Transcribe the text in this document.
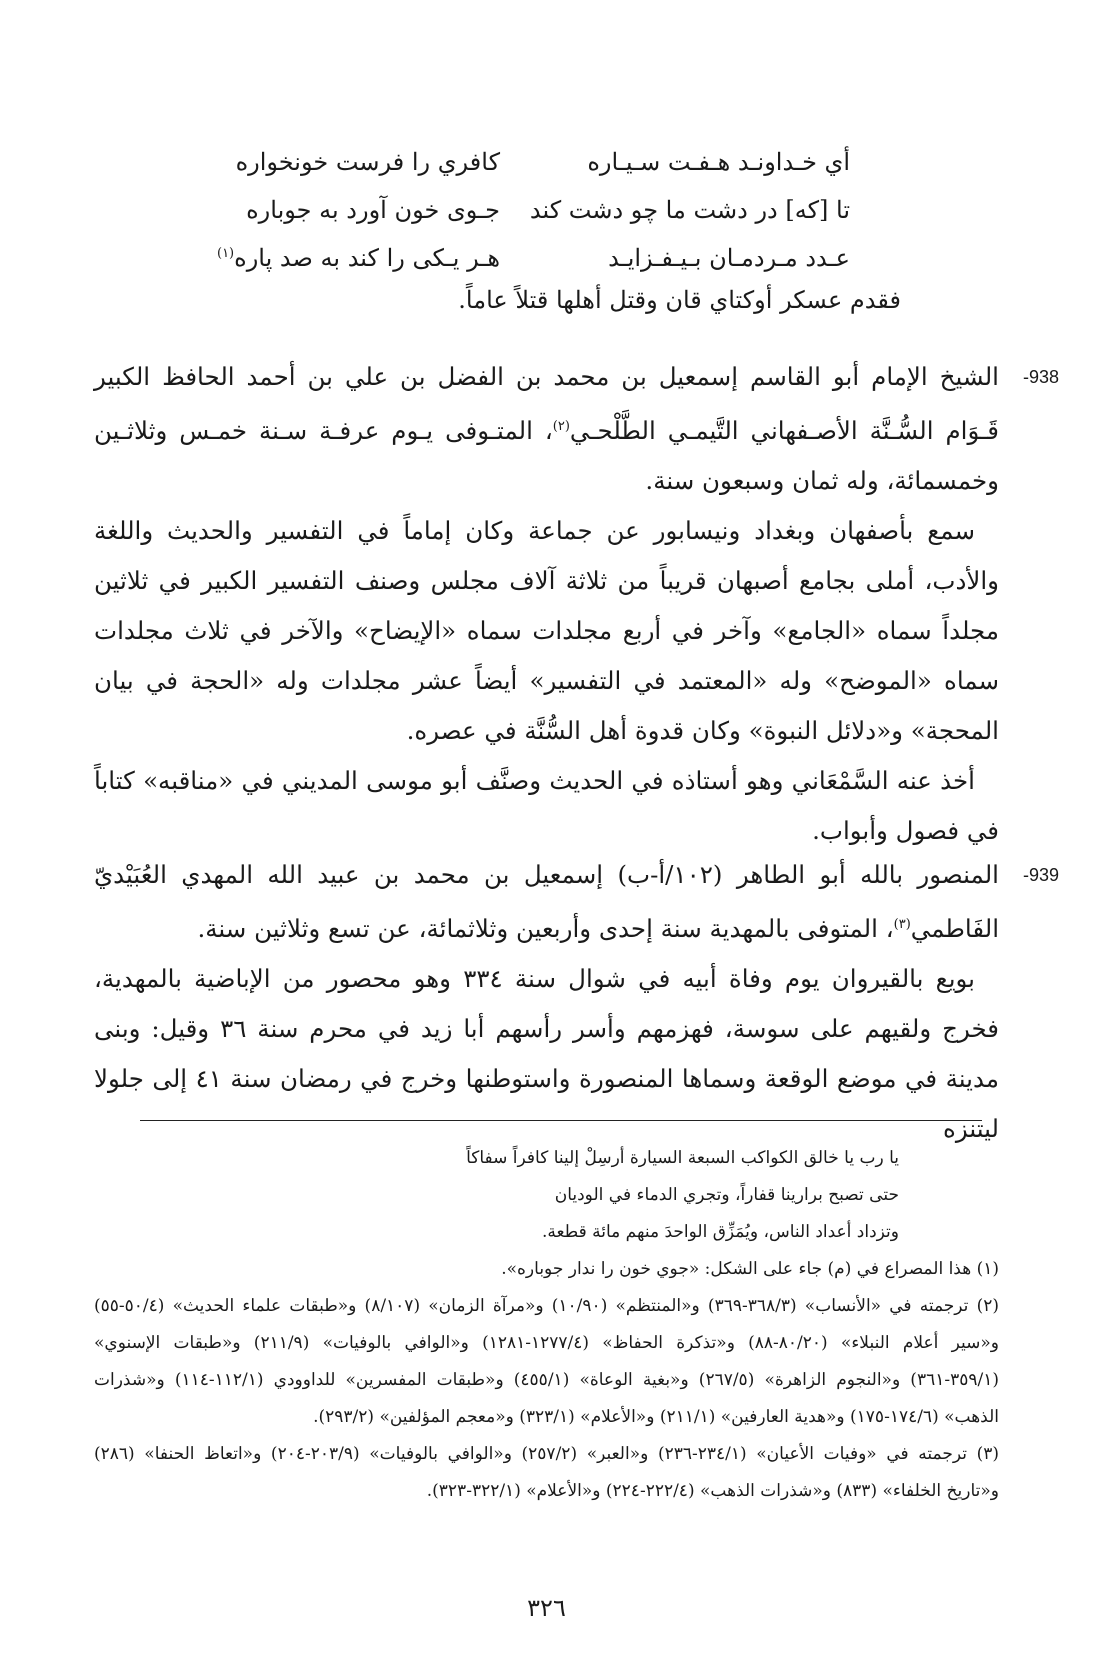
أي خـداونـد هـفـت سـيـاره
كافري را فرست خونخواره
تا [كه] در دشت ما چو دشت كند
جـوى خون آورد به جوباره
عـدد مـردمـان بـيـفـزايـد
هـر يـكى را كند به صد پاره$^{(١)}$
فقدم عسكر أوكتاي قان وقتل أهلها قتلاً عاماً.

938-
الشيخ الإمام أبو القاسم إسمعيل بن محمد بن الفضل بن علي بن أحمد الحافظ الكبير قَـوَام السُّـنَّة الأصـفهاني التَّيمـي الطَّلْحـي$^{(٢)}$، المتـوفى يـوم عرفـة سـنة خمـس وثلاثـين وخمسمائة، وله ثمان وسبعون سنة.

سمع بأصفهان وبغداد ونيسابور عن جماعة وكان إماماً في التفسير والحديث واللغة والأدب، أملى بجامع أصبهان قريباً من ثلاثة آلاف مجلس وصنف التفسير الكبير في ثلاثين مجلداً سماه «الجامع» وآخر في أربع مجلدات سماه «الإيضاح» والآخر في ثلاث مجلدات سماه «الموضح» وله «المعتمد في التفسير» أيضاً عشر مجلدات وله «الحجة في بيان المحجة» و«دلائل النبوة» وكان قدوة أهل السُّنَّة في عصره.

أخذ عنه السَّمْعَاني وهو أستاذه في الحديث وصنَّف أبو موسى المديني في «مناقبه» كتاباً في فصول وأبواب.

939-
المنصور بالله أبو الطاهر (١٠٢/أ-ب) إسمعيل بن محمد بن عبيد الله المهدي العُبَيْديّ الفَاطمي$^{(٣)}$، المتوفى بالمهدية سنة إحدى وأربعين وثلاثمائة، عن تسع وثلاثين سنة.

بويع بالقيروان يوم وفاة أبيه في شوال سنة ٣٣٤ وهو محصور من الإباضية بالمهدية، فخرج ولقيهم على سوسة، فهزمهم وأسر رأسهم أبا زيد في محرم سنة ٣٦ وقيل: وبنى مدينة في موضع الوقعة وسماها المنصورة واستوطنها وخرج في رمضان سنة ٤١ إلى جلولا ليتنزه

يا رب يا خالق الكواكب السبعة السيارة أرسِلْ إلينا كافراً سفاكاً

حتى تصبح برارينا قفاراً، وتجري الدماء في الوديان

وتزداد أعداد الناس، ويُمَزِّق الواحدَ منهم مائة قطعة.

(١) هذا المصراع في (م) جاء على الشكل: «جوي خون را ندار جوباره».

(٢) ترجمته في «الأنساب» (٣٦٨/٣-٣٦٩) و«المنتظم» (١٠/٩٠) و«مرآة الزمان» (٨/١٠٧) و«طبقات علماء الحديث» (٥٠/٤-٥٥) و«سير أعلام النبلاء» (٨٠/٢٠-٨٨) و«تذكرة الحفاظ» (١٢٧٧/٤-١٢٨١) و«الوافي بالوفيات» (٢١١/٩) و«طبقات الإسنوي» (٣٥٩/١-٣٦١) و«النجوم الزاهرة» (٢٦٧/٥) و«بغية الوعاة» (٤٥٥/١) و«طبقات المفسرين» للداوودي (١١٢/١-١١٤) و«شذرات الذهب» (١٧٤/٦-١٧٥) و«هدية العارفين» (٢١١/١) و«الأعلام» (٣٢٣/١) و«معجم المؤلفين» (٢٩٣/٢).

(٣) ترجمته في «وفيات الأعيان» (٢٣٤/١-٢٣٦) و«العبر» (٢٥٧/٢) و«الوافي بالوفيات» (٢٠٣/٩-٢٠٤) و«اتعاظ الحنفا» (٢٨٦) و«تاريخ الخلفاء» (٨٣٣) و«شذرات الذهب» (٢٢٢/٤-٢٢٤) و«الأعلام» (٣٢٢/١-٣٢٣).

٣٢٦
